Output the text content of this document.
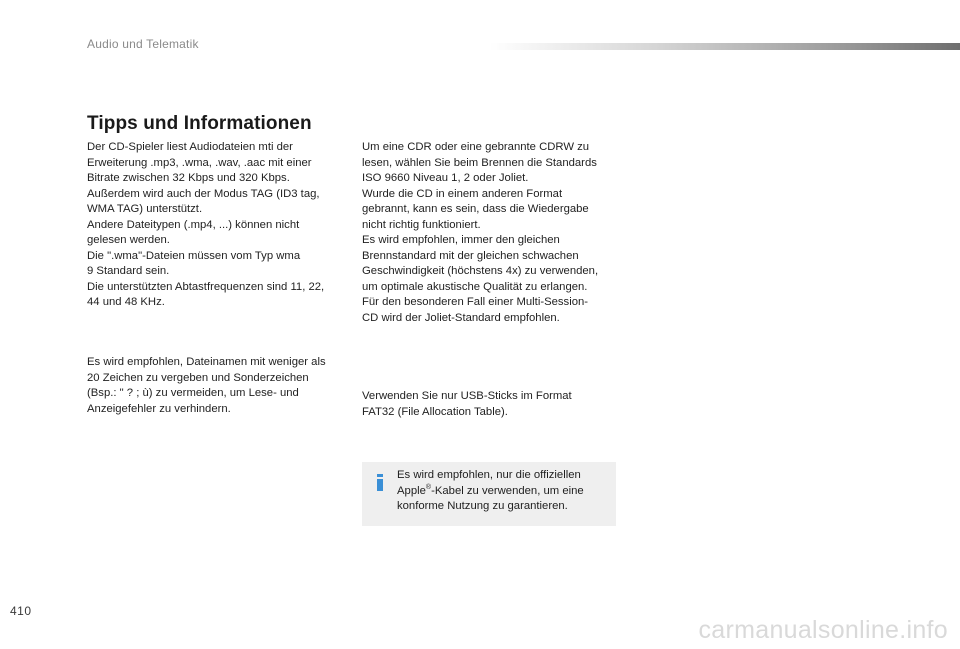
Audio und Telematik
Tipps und Informationen

Der CD-Spieler liest Audiodateien mti der
Erweiterung .mp3, .wma, .wav, .aac mit einer
Bitrate zwischen 32 Kbps und 320 Kbps.
Außerdem wird auch der Modus TAG (ID3 tag,
WMA TAG) unterstützt.
Andere Dateitypen (.mp4, ...) können nicht
gelesen werden.
Die ".wma"-Dateien müssen vom Typ wma
9 Standard sein.
Die unterstützten Abtastfrequenzen sind 11, 22,
44 und 48 KHz.

Es wird empfohlen, Dateinamen mit weniger als
20 Zeichen zu vergeben und Sonderzeichen
(Bsp.: " ? ; ù) zu vermeiden, um Lese- und
Anzeigefehler zu verhindern.

Um eine CDR oder eine gebrannte CDRW zu
lesen, wählen Sie beim Brennen die Standards
ISO 9660 Niveau 1, 2 oder Joliet.
Wurde die CD in einem anderen Format
gebrannt, kann es sein, dass die Wiedergabe
nicht richtig funktioniert.
Es wird empfohlen, immer den gleichen
Brennstandard mit der gleichen schwachen
Geschwindigkeit (höchstens 4x) zu verwenden,
um optimale akustische Qualität zu erlangen.
Für den besonderen Fall einer Multi-Session-
CD wird der Joliet-Standard empfohlen.

Verwenden Sie nur USB-Sticks im Format
FAT32 (File Allocation Table).

Es wird empfohlen, nur die offiziellen Apple®-Kabel zu verwenden, um eine konforme Nutzung zu garantieren.

410
carmanualsonline.info
